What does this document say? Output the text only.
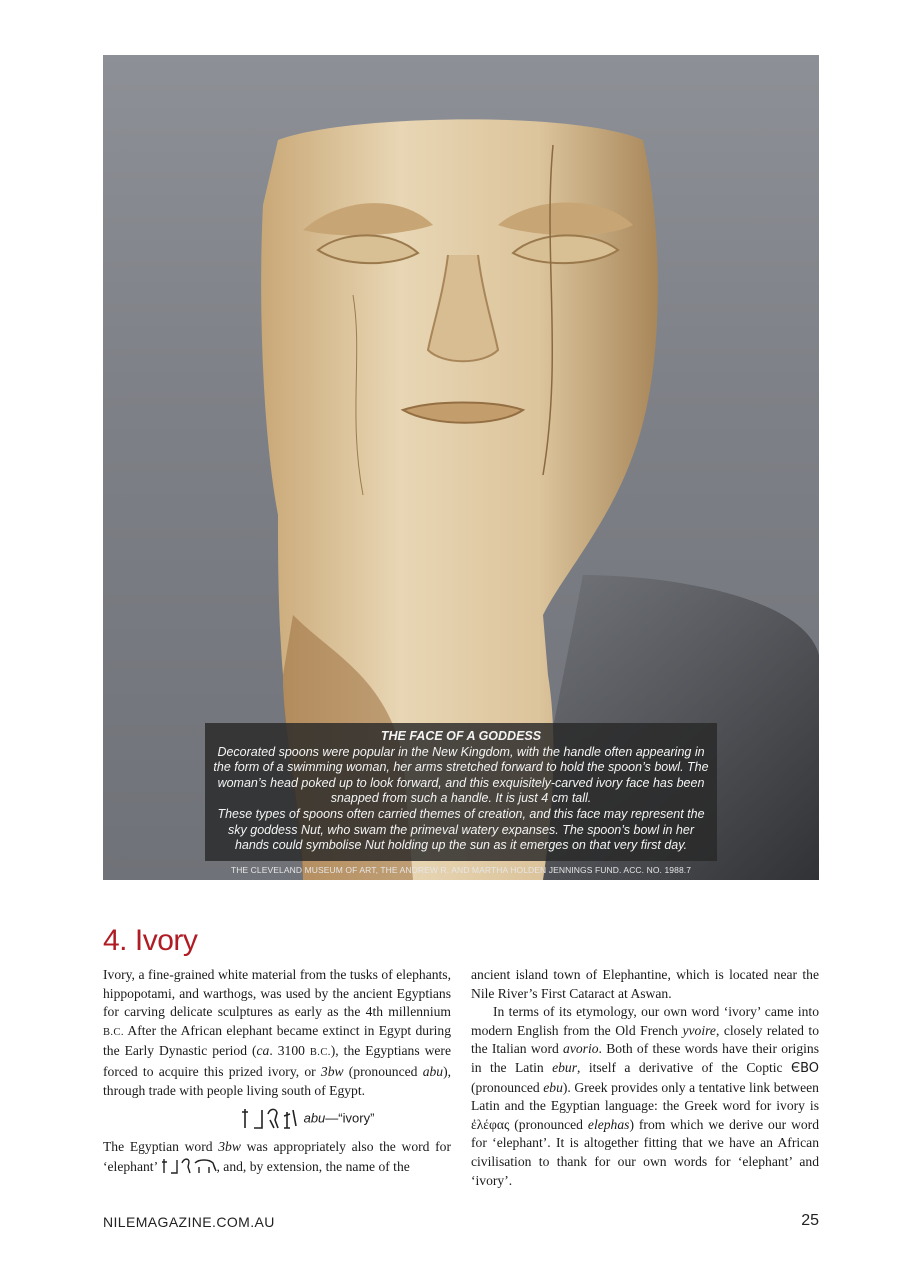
THE FACE OF A GODDESS

Decorated spoons were popular in the New Kingdom, with the handle often appearing in the form of a swimming woman, her arms stretched forward to hold the spoon’s bowl. The woman’s head poked up to look forward, and this exquisitely-carved ivory face has been snapped from such a handle. It is just 4 cm tall.

These types of spoons often carried themes of creation, and this face may represent the sky goddess Nut, who swam the primeval watery expanses. The spoon’s bowl in her hands could symbolise Nut holding up the sun as it emerges on that very first day.

THE CLEVELAND MUSEUM OF ART, THE ANDREW R. AND MARTHA HOLDEN JENNINGS FUND. ACC. NO. 1988.7
4. Ivory

Ivory, a fine-grained white material from the tusks of elephants, hippopotami, and warthogs, was used by the ancient Egyptians for carving delicate sculptures as early as the 4th millennium B.C. After the African elephant became extinct in Egypt during the Early Dynastic period (ca. 3100 B.C.), the Egyptians were forced to acquire this prized ivory, or 3bw (pronounced abu), through trade with people living south of Egypt.

abu—“ivory”

The Egyptian word 3bw was appropriately also the word for ‘elephant’	, and, by extension, the name of the

ancient island town of Elephantine, which is located near the Nile River’s First Cataract at Aswan.

In terms of its etymology, our own word ‘ivory’ came into modern English from the Old French yvoire, closely related to the Italian word avorio. Both of these words have their origins in the Latin ebur, itself a derivative of the Coptic ЄBO (pronounced ebu). Greek provides only a tentative link between Latin and the Egyptian language: the Greek word for ivory is ἐλέφας (pronounced elephas) from which we derive our word for ‘elephant’. It is altogether fitting that we have an African civilisation to thank for our own words for ‘elephant’ and ‘ivory’.

NILEMAGAZINE.COM.AU	25
